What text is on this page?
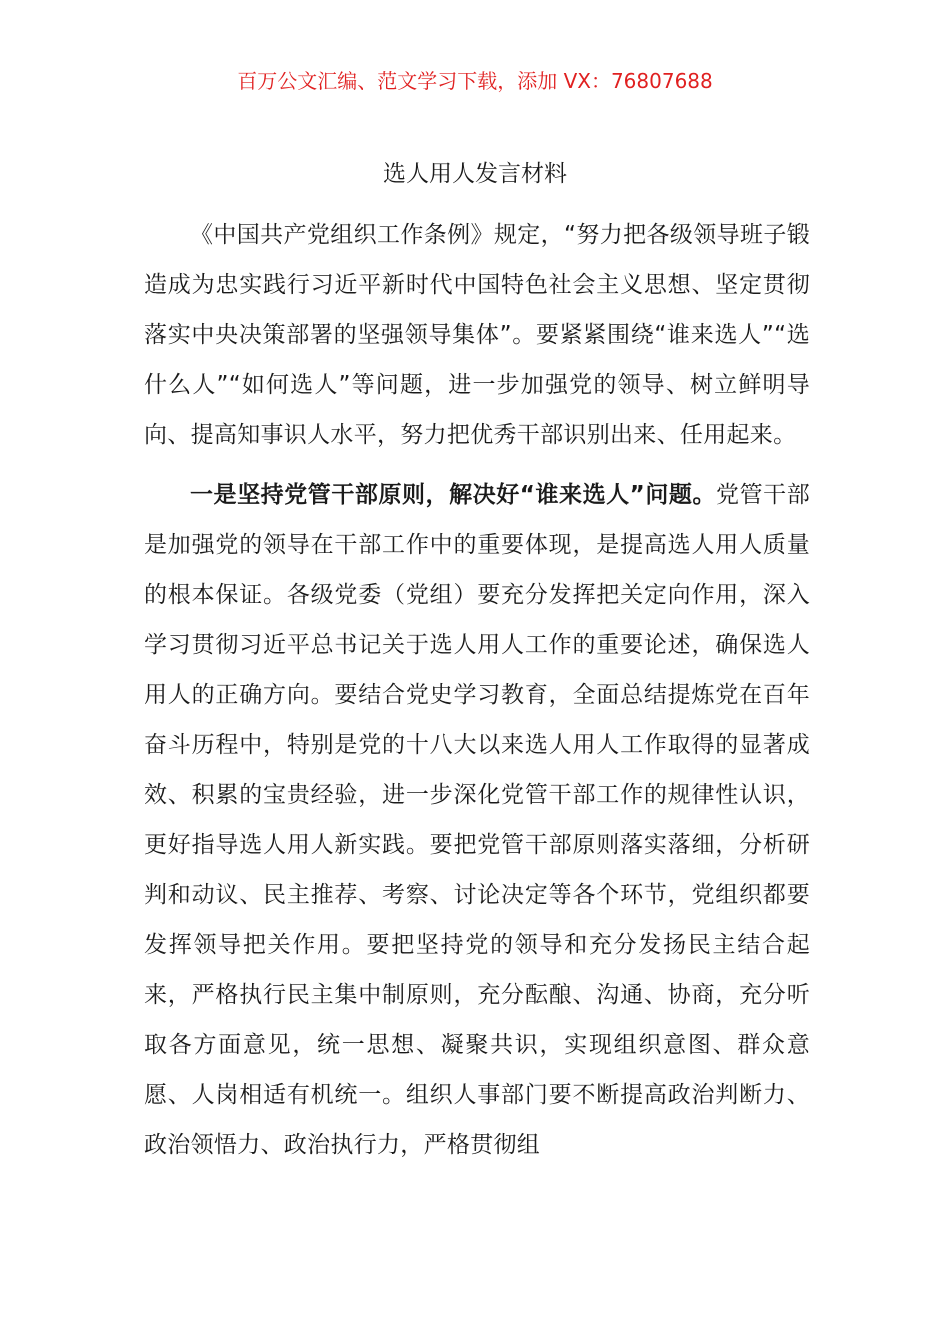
百万公文汇编、范文学习下载，添加 VX：76807688
选人用人发言材料

《中国共产党组织工作条例》规定，“努力把各级领导班子锻造成为忠实践行习近平新时代中国特色社会主义思想、坚定贯彻落实中央决策部署的坚强领导集体”。要紧紧围绕“谁来选人”“选什么人”“如何选人”等问题，进一步加强党的领导、树立鲜明导向、提高知事识人水平，努力把优秀干部识别出来、任用起来。

一是坚持党管干部原则，解决好“谁来选人”问题。党管干部是加强党的领导在干部工作中的重要体现，是提高选人用人质量的根本保证。各级党委（党组）要充分发挥把关定向作用，深入学习贯彻习近平总书记关于选人用人工作的重要论述，确保选人用人的正确方向。要结合党史学习教育，全面总结提炼党在百年奋斗历程中，特别是党的十八大以来选人用人工作取得的显著成效、积累的宝贵经验，进一步深化党管干部工作的规律性认识，更好指导选人用人新实践。要把党管干部原则落实落细，分析研判和动议、民主推荐、考察、讨论决定等各个环节，党组织都要发挥领导把关作用。要把坚持党的领导和充分发扬民主结合起来，严格执行民主集中制原则，充分酝酿、沟通、协商，充分听取各方面意见，统一思想、凝聚共识，实现组织意图、群众意愿、人岗相适有机统一。组织人事部门要不断提高政治判断力、政治领悟力、政治执行力，严格贯彻组
